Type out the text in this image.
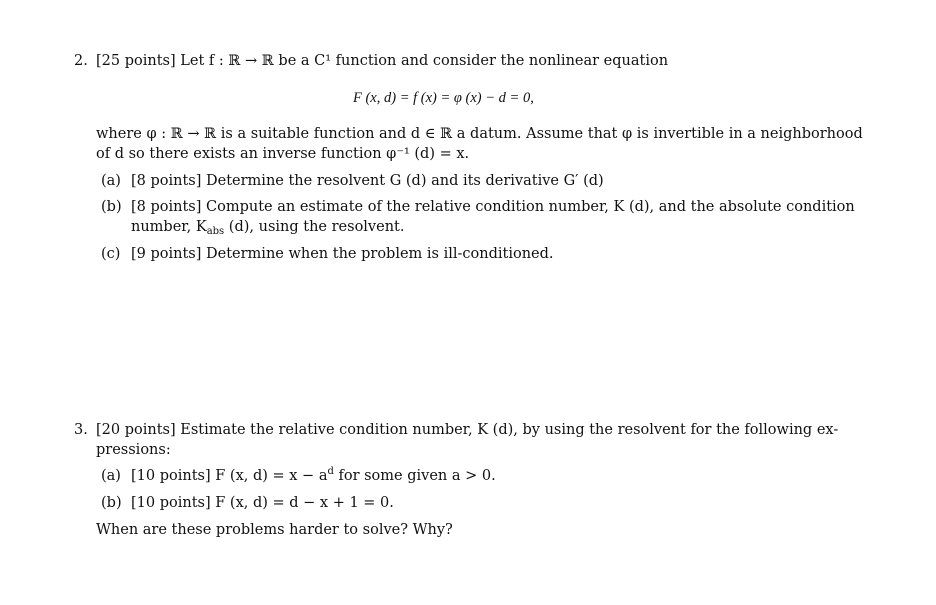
2. [25 points] Let f : ℝ → ℝ be a C¹ function and consider the nonlinear equation
F (x, d) = f (x) = φ (x) − d = 0,
where φ : ℝ → ℝ is a suitable function and d ∈ ℝ a datum. Assume that φ is invertible in a neighborhood
of d so there exists an inverse function φ⁻¹ (d) = x.
(a) [8 points] Determine the resolvent G (d) and its derivative G′ (d)
(b) [8 points] Compute an estimate of the relative condition number, K (d), and the absolute condition
number, $K_{abs}$ (d), using the resolvent.
(c) [9 points] Determine when the problem is ill-conditioned.
3. [20 points] Estimate the relative condition number, K (d), by using the resolvent for the following ex-
pressions:
(a) [10 points] F (x, $d) = x - a^d$ for some given a > 0.
(b) [10 points] F (x, d) = d − x + 1 = 0.
When are these problems harder to solve? Why?
